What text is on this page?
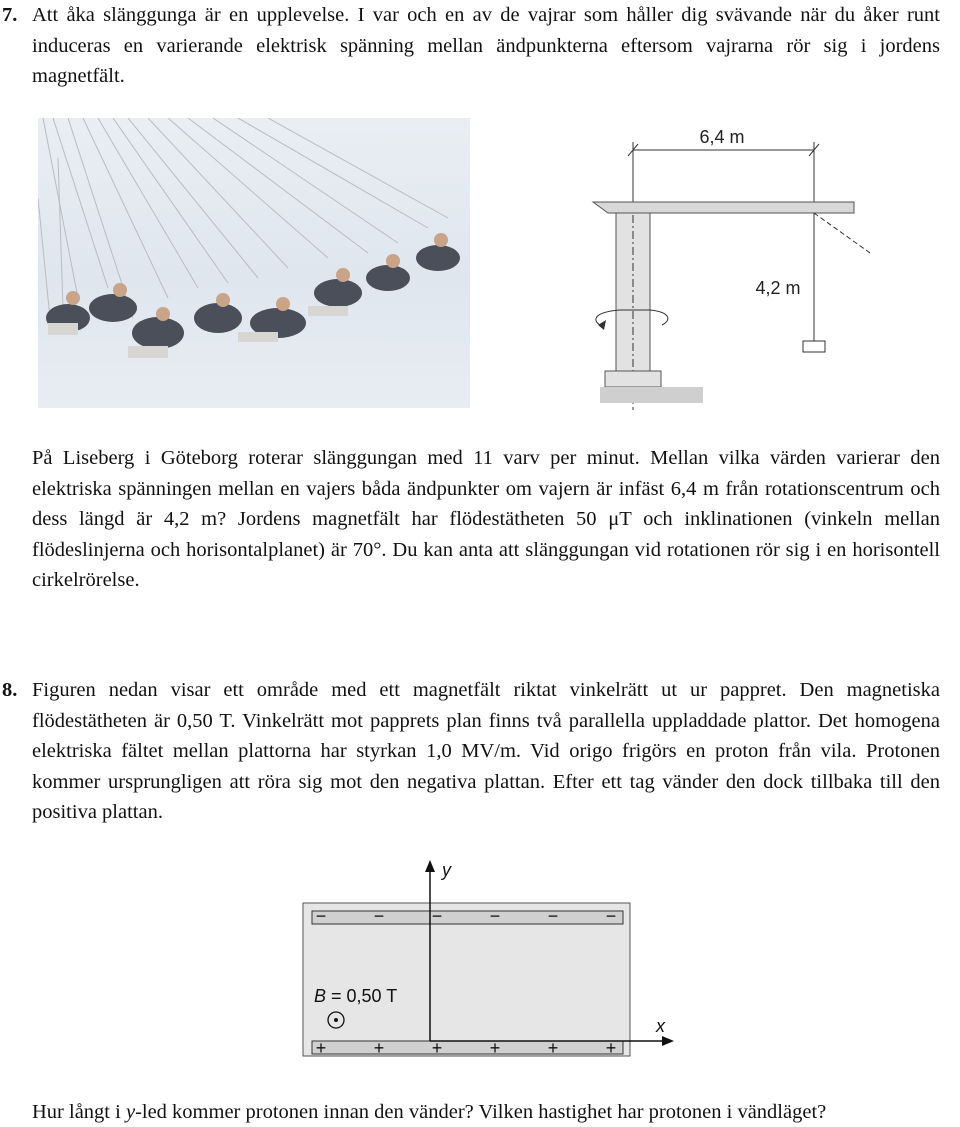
7. Att åka slänggunga är en upplevelse. I var och en av de vajrar som håller dig svävande när du åker runt induceras en varierande elektrisk spänning mellan ändpunkterna eftersom vajrarna rör sig i jordens magnetfält.
6,4 m
4,2 m
På Liseberg i Göteborg roterar slänggungan med 11 varv per minut. Mellan vilka värden varierar den elektriska spänningen mellan en vajers båda ändpunkter om vajern är infäst 6,4 m från rotationscentrum och dess längd är 4,2 m? Jordens magnetfält har flödestätheten 50 μT och inklinationen (vinkeln mellan flödeslinjerna och horisontalplanet) är 70°. Du kan anta att slänggungan vid rotationen rör sig i en horisontell cirkelrörelse.
8. Figuren nedan visar ett område med ett magnetfält riktat vinkelrätt ut ur pappret. Den magnetiska flödestätheten är 0,50 T. Vinkelrätt mot papprets plan finns två parallella uppladdade plattor. Det homogena elektriska fältet mellan plattorna har styrkan 1,0 MV/m. Vid origo frigörs en proton från vila. Protonen kommer ursprungligen att röra sig mot den negativa plattan. Efter ett tag vänder den dock tillbaka till den positiva plattan.
−	−	−	−	−	−
+	+	+	+	+	+
y
x
B = 0,50 T
Hur långt i y-led kommer protonen innan den vänder? Vilken hastighet har protonen i vändläget?
